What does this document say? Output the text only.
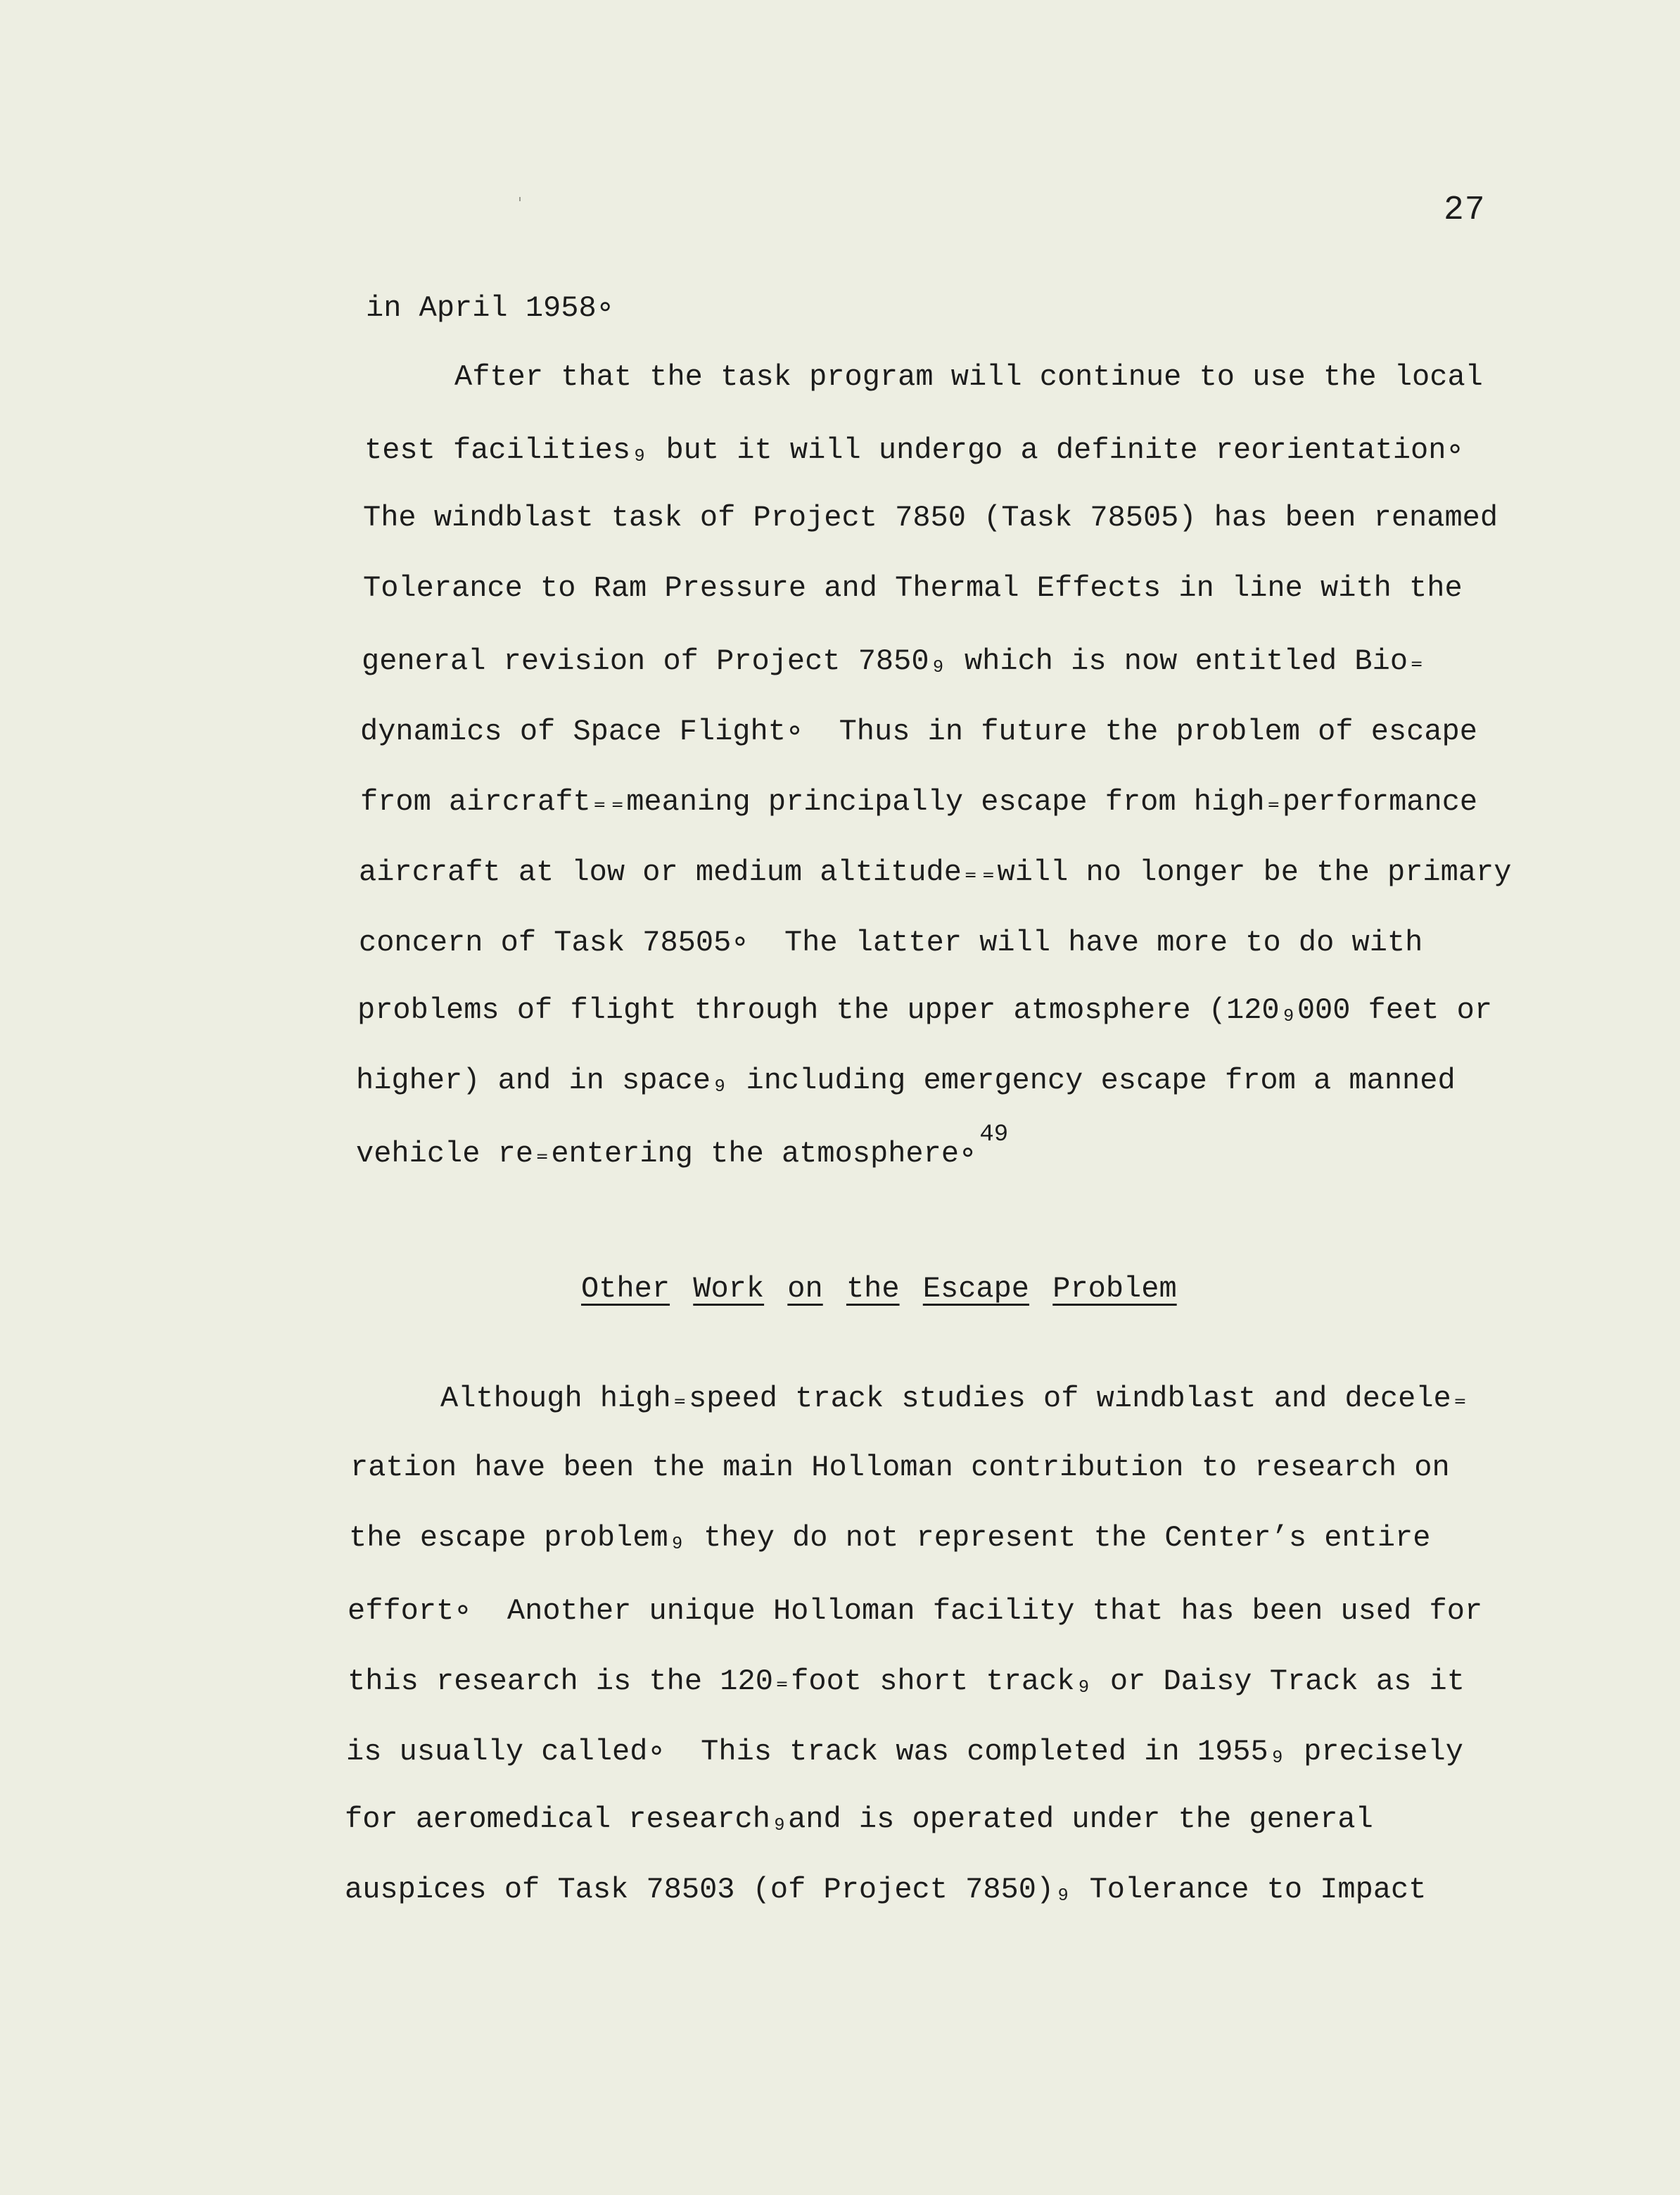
27
in April 1958∘
After that the task program will continue to use the local
test facilities₉ but it will undergo a definite reorientation∘
The windblast task of Project 7850 (Task 78505) has been renamed
Tolerance to Ram Pressure and Thermal Effects in line with the
general revision of Project 7850₉ which is now entitled Bio₌
dynamics of Space Flight∘  Thus in future the problem of escape
from aircraft₌₌meaning principally escape from high₌performance
aircraft at low or medium altitude₌₌will no longer be the primary
concern of Task 78505∘  The latter will have more to do with
problems of flight through the upper atmosphere (120₉000 feet or
higher) and in space₉ including emergency escape from a manned
vehicle re₌entering the atmosphere∘$^{49}$
Other Work on the Escape Problem
Although high₌speed track studies of windblast and decele₌
ration have been the main Holloman contribution to research on
the escape problem₉ they do not represent the Center’s entire
effort∘  Another unique Holloman facility that has been used for
this research is the 120₌foot short track₉ or Daisy Track as it
is usually called∘  This track was completed in 1955₉ precisely
for aeromedical research₉and is operated under the general
auspices of Task 78503 (of Project 7850)₉ Tolerance to Impact
